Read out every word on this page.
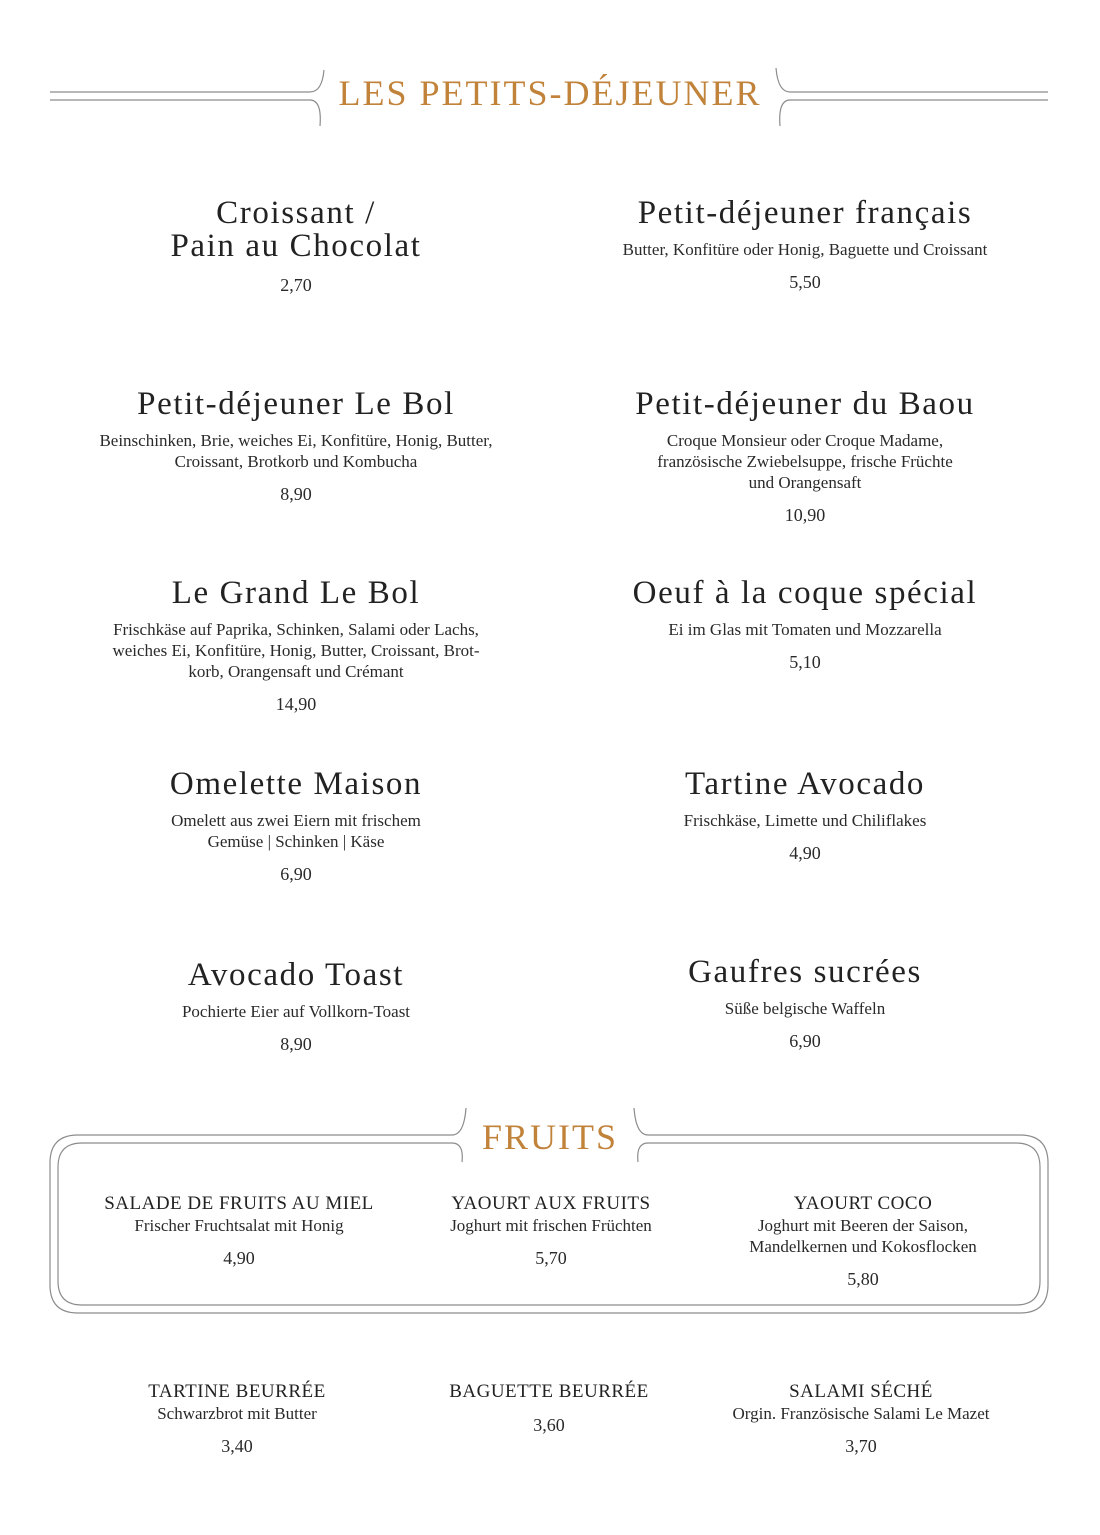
LES PETITS-DÉJEUNER
Croissant /
Pain au Chocolat
2,70
Petit-déjeuner français
Butter, Konfitüre oder Honig, Baguette und Croissant
5,50
Petit-déjeuner Le Bol
Beinschinken, Brie, weiches Ei, Konfitüre, Honig, Butter,
Croissant, Brotkorb und Kombucha
8,90
Petit-déjeuner du Baou
Croque Monsieur oder Croque Madame,
französische Zwiebelsuppe, frische Früchte
und Orangensaft
10,90
Le Grand Le Bol
Frischkäse auf Paprika, Schinken, Salami oder Lachs,
weiches Ei, Konfitüre, Honig, Butter, Croissant, Brot-
korb, Orangensaft und Crémant
14,90
Oeuf à la coque spécial
Ei im Glas mit Tomaten und Mozzarella
5,10
Omelette Maison
Omelett aus zwei Eiern mit frischem
Gemüse | Schinken | Käse
6,90
Tartine Avocado
Frischkäse, Limette und Chiliflakes
4,90
Avocado Toast
Pochierte Eier auf Vollkorn-Toast
8,90
Gaufres sucrées
Süße belgische Waffeln
6,90
FRUITS
SALADE DE FRUITS AU MIEL
Frischer Fruchtsalat mit Honig
4,90
YAOURT AUX FRUITS
Joghurt mit frischen Früchten
5,70
YAOURT COCO
Joghurt mit Beeren der Saison,
Mandelkernen und Kokosflocken
5,80
TARTINE BEURRÉE
Schwarzbrot mit Butter
3,40
BAGUETTE BEURRÉE
3,60
SALAMI SÉCHÉ
Orgin. Französische Salami Le Mazet
3,70
